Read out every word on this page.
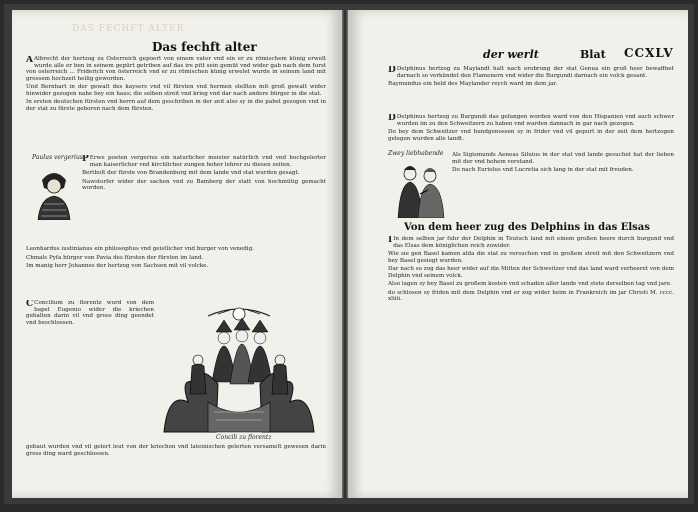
DAS FECHFT ALTER
Das fechft alter

A Albrecht der hertzog zu Osterreich gepoert von einem vater vnd ein er zu römischem künig erwelt wurde alle er ben in seinem gepürt getriben auf das ire pitt sein gemüt vnd wider gab nach dem furst von osterreich ... Friderich von österreich vnd er zu römischen künig erwelet wurde in seinem land mit grossem hochzeit heilig geworden.

Und Bernhart in der gewalt des kaysers vnd vil fürsten vnd hermen stellten mit groß gewalt wider hinwider gezogen nahe bey ein haus; die selben streit vnd krieg vnd dar nach andere bürger in die stat.

In ersten deutschen fürsten vnd herrn auf dem geschriben in der zeit also sy in die pabst gezogen vnd in der stat zu fürste geboren nach dem fürsten.

Paulus vergerius P Erwe poeten vergerius ein naturlicher meister natürlich vnd vnd hochgelerter man kaiserlicher vnd kirchlicher zungen hoher lehrer zu diesen zeiten.

Bertholt der fürste von Brandenburg mit dem lande vnd stat wurden gesagt.

Nawstorfer wider der sachen vnd zu Bamberg der statt von hochmütig gemacht worden.

Leonhardus iustinianus ein philosophus vnd geistlicher vnd burger von venedig.

Chmals Pyfa bürger von Pavia des fürsten der fürsten im land.

Im manig herr Johannes der hertzog von Sachsen mit vil volcke.

C Concilium zu florentz wurd von dem bapst Eugenio wider die kriechen gehalten darin vil vnd gross ding geendet vnd beschlossen.

Concili zu florentz

gebaut wurden vnd vil gelert leut von der kriechen vnd lateinischen gelerten versamelt gewesen darin gross ding ward geschlossen.

der werlt	Blat CCXLV

D Delphinus hertzog zu Maylandt halt nach erobrung der stat Genua ein groß heer bewaffnet darnach so verkündet den Flamenern vnd wider die Burgundi darnach ein volck gesant.

Raymundus ein held des Maylander reych ward im dem jar.

D Delphinus hertzog zu Burgundi das gefangen worden ward von den Hispanien vnd auch schwer wurden im zu den Schweitzern zu haben vnd warden dannach in gar nach gezogen.

Do bey dem Schweitzer vnd bundgenossen sy in frider vnd vil gepurt in der zeit dem hertzogen gelegen wurden alle landt.

Zwey liebhabende Als Sigismunds Aeneas Siluius in der stat vnd lande gesuchet hat der lieben mit der vnd hohem verstand.

Do nach Euriolus vnd Lucretia sich lang in der stat mit freuden.

Von dem heer zug des Delphins in das Elsas

I In dem selben jar fuhr der Delphin in Teutsch land mit einem großen heere durch burgund vnd das Elsas dem königlichen reich zuwider.

Wie sie gen Basel kamen alda die stat zu versuchen vnd in großem streit mit den Schweitzern vnd bey Basel gesiegt wurden.

Dar nach so zog das heer wider auf die Mitten der Schweitzer vnd das land ward verheeret von dem Delphin vnd seinem volck.

Also lagen sy bey Basel zu großem kosten vnd schaden aller lande vnd stete derselben tag vnd jare.

do schlosen sy friden mit dem Delphin vnd er zog wider heim in Frankreich im jar Christi M. cccc. xliiii.
